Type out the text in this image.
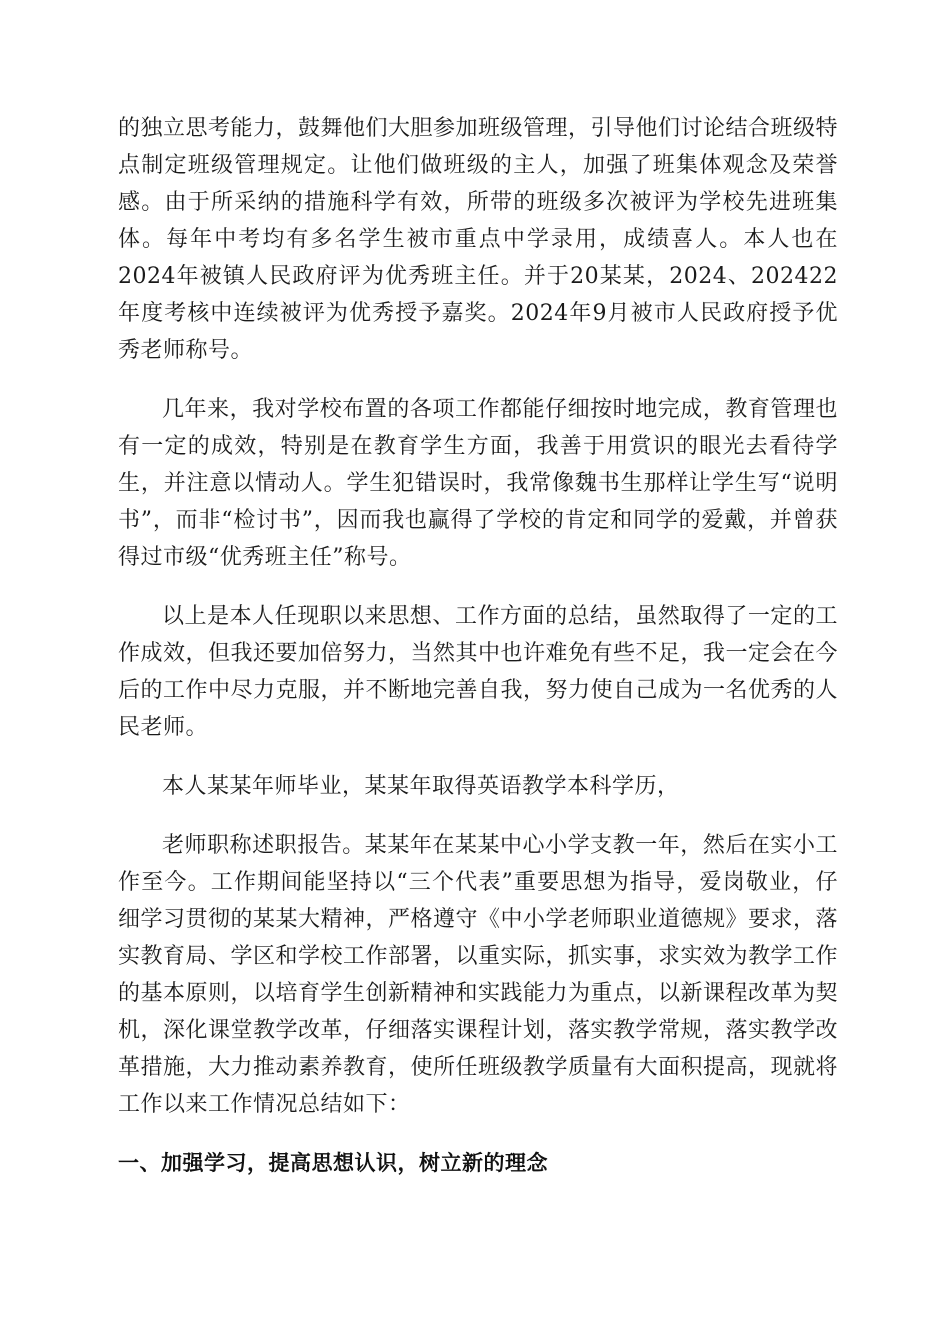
的独立思考能力，鼓舞他们大胆参加班级管理，引导他们讨论结合班级特点制定班级管理规定。让他们做班级的主人，加强了班集体观念及荣誉感。由于所采纳的措施科学有效，所带的班级多次被评为学校先进班集体。每年中考均有多名学生被市重点中学录用，成绩喜人。本人也在2024年被镇人民政府评为优秀班主任。并于20某某，2024、202422年度考核中连续被评为优秀授予嘉奖。2024年9月被市人民政府授予优秀老师称号。

几年来，我对学校布置的各项工作都能仔细按时地完成，教育管理也有一定的成效，特别是在教育学生方面，我善于用赏识的眼光去看待学生，并注意以情动人。学生犯错误时，我常像魏书生那样让学生写“说明书”，而非“检讨书”，因而我也赢得了学校的肯定和同学的爱戴，并曾获得过市级“优秀班主任”称号。

以上是本人任现职以来思想、工作方面的总结，虽然取得了一定的工作成效，但我还要加倍努力，当然其中也许难免有些不足，我一定会在今后的工作中尽力克服，并不断地完善自我，努力使自己成为一名优秀的人民老师。

本人某某年师毕业，某某年取得英语教学本科学历，

老师职称述职报告。某某年在某某中心小学支教一年，然后在实小工作至今。工作期间能坚持以“三个代表”重要思想为指导，爱岗敬业，仔细学习贯彻的某某大精神，严格遵守《中小学老师职业道德规》要求，落实教育局、学区和学校工作部署，以重实际，抓实事，求实效为教学工作的基本原则，以培育学生创新精神和实践能力为重点，以新课程改革为契机，深化课堂教学改革，仔细落实课程计划，落实教学常规，落实教学改革措施，大力推动素养教育，使所任班级教学质量有大面积提高，现就将工作以来工作情况总结如下：

一、加强学习，提高思想认识，树立新的理念
